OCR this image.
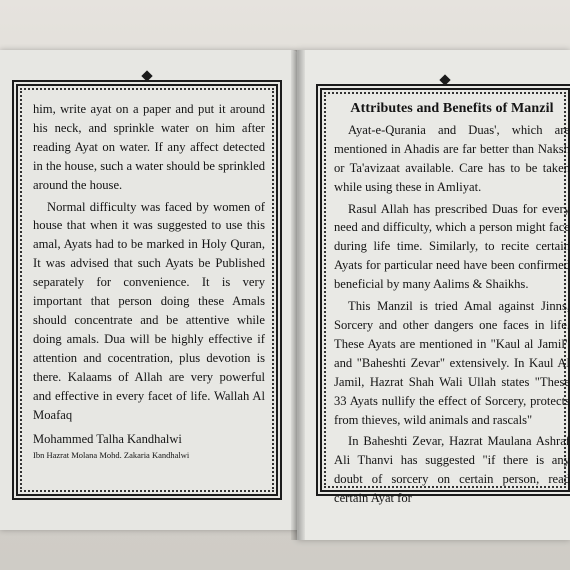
him, write ayat on a paper and put it around his neck, and sprinkle water on him after reading Ayat on water. If any affect detected in the house, such a water should be sprinkled around the house.

Normal difficulty was faced by women of house that when it was suggested to use this amal, Ayats had to be marked in Holy Quran, It was advised that such Ayats be Published separately for convenience. It is very important that person doing these Amals should concentrate and be attentive while doing amals. Dua will be highly effective if attention and cocentration, plus devotion is there. Kalaams of Allah are very powerful and effective in every facet of life. Wallah Al Moafaq

Mohammed Talha Kandhalwi
Ibn Hazrat Molana Mohd. Zakaria Kandhalwi
Attributes and Benefits of Manzil

Ayat-e-Qurania and Duas', which are mentioned in Ahadis are far better than Naksh or Ta'avizaat available. Care has to be taken while using these in Amliyat.

Rasul Allah has prescribed Duas for every need and difficulty, which a person might face during life time. Similarly, to recite certain Ayats for particular need have been confirmed beneficial by many Aalims & Shaikhs.

This Manzil is tried Amal against Jinns, Sorcery and other dangers one faces in life. These Ayats are mentioned in "Kaul al Jamil" and "Baheshti Zevar" extensively. In Kaul Al Jamil, Hazrat Shah Wali Ullah states "These 33 Ayats nullify the effect of Sorcery, protects from thieves, wild animals and rascals"

In Baheshti Zevar, Hazrat Maulana Ashraf Ali Thanvi has suggested "if there is any doubt of sorcery on certain person, read certain Ayat for
